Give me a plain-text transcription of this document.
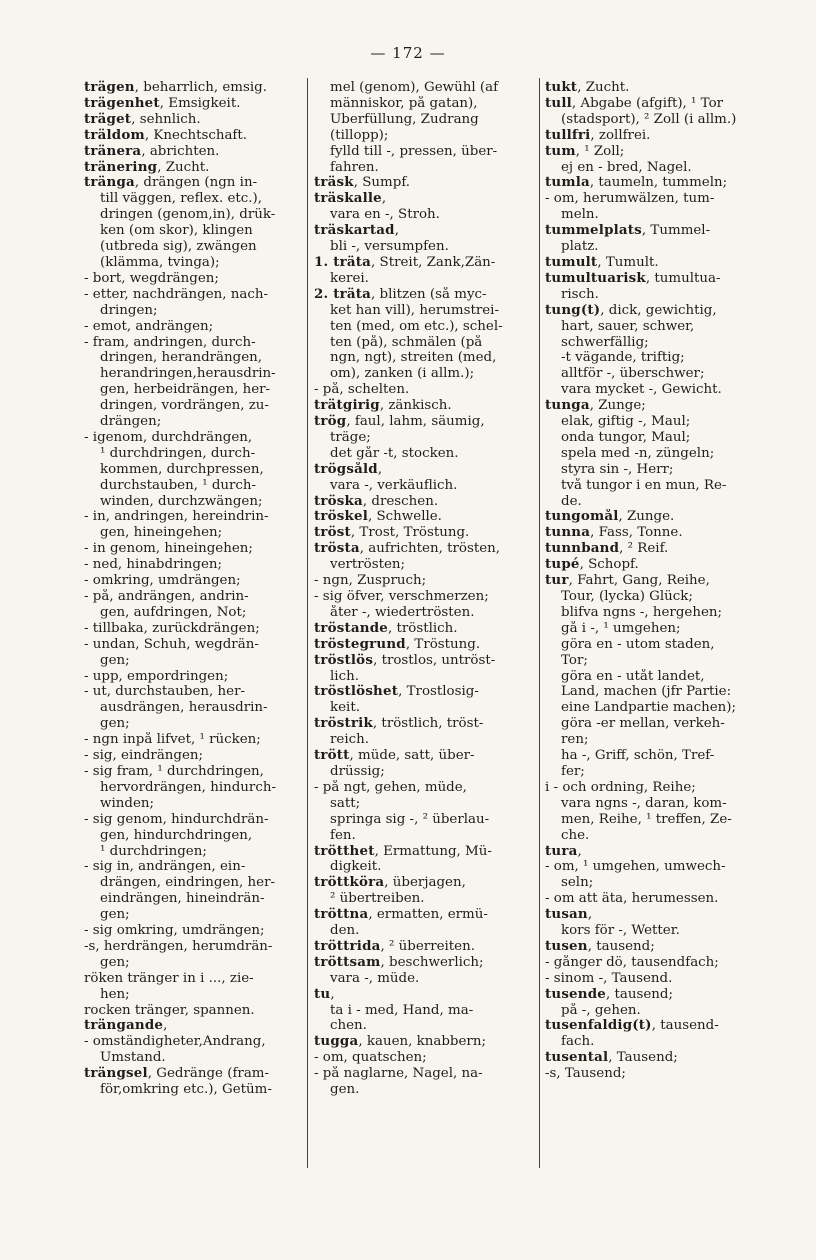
— 172 —
trägen, beharrlich, emsig.
trägenhet, Emsigkeit.
träget, sehnlich.
träldom, Knechtschaft.
tränera, abrichten.
tränering, Zucht.
tränga, drängen (ngn in-
till väggen, reflex. etc.),
dringen (genom,in), drük-
ken (om skor), klingen
(utbreda sig), zwängen
(klämma, tvinga);
- bort, wegdrängen;
- etter, nachdrängen, nach-
dringen;
- emot, andrängen;
- fram, andringen, durch-
dringen, herandrängen,
herandringen,herausdrin-
gen, herbeidrängen, her-
dringen, vordrängen, zu-
drängen;
- igenom, durchdrängen,
¹ durchdringen, durch-
kommen, durchpressen,
durchstauben, ¹ durch-
winden, durchzwängen;
- in, andringen, hereindrin-
gen, hineingehen;
- in genom, hineingehen;
- ned, hinabdringen;
- omkring, umdrängen;
- på, andrängen, andrin-
gen, aufdringen, Not;
- tillbaka, zurückdrängen;
- undan, Schuh, wegdrän-
gen;
- upp, empordringen;
- ut, durchstauben, her-
ausdrängen, herausdrin-
gen;
- ngn inpå lifvet, ¹ rücken;
- sig, eindrängen;
- sig fram, ¹ durchdringen,
hervordrängen, hindurch-
winden;
- sig genom, hindurchdrän-
gen, hindurchdringen,
¹ durchdringen;
- sig in, andrängen, ein-
drängen, eindringen, her-
eindrängen, hineindrän-
gen;
- sig omkring, umdrängen;
-s, herdrängen, herumdrän-
gen;
röken tränger in i ..., zie-
hen;
rocken tränger, spannen.
trängande,
- omständigheter,Andrang,
Umstand.
trängsel, Gedränge (fram-
för,omkring etc.), Getüm-
mel (genom), Gewühl (af
människor, på gatan),
Überfüllung, Zudrang
(tillopp);
fylld till -, pressen, über-
fahren.
träsk, Sumpf.
träskalle,
vara en -, Stroh.
träskartad,
bli -, versumpfen.
1. träta, Streit, Zank,Zän-
kerei.
2. träta, blitzen (så myc-
ket han vill), herumstrei-
ten (med, om etc.), schel-
ten (på), schmälen (på
ngn, ngt), streiten (med,
om), zanken (i allm.);
- på, schelten.
trätgirig, zänkisch.
trög, faul, lahm, säumig,
träge;
det går -t, stocken.
trögsåld,
vara -, verkäuflich.
tröska, dreschen.
tröskel, Schwelle.
tröst, Trost, Tröstung.
trösta, aufrichten, trösten,
vertrösten;
- ngn, Zuspruch;
- sig öfver, verschmerzen;
åter -, wiedertrösten.
tröstande, tröstlich.
tröstegrund, Tröstung.
tröstlös, trostlos, untröst-
lich.
tröstlöshet, Trostlosig-
keit.
tröstrik, tröstlich, tröst-
reich.
trött, müde, satt, über-
drüssig;
- på ngt, gehen, müde,
satt;
springa sig -, ² überlau-
fen.
trötthet, Ermattung, Mü-
digkeit.
tröttköra, überjagen,
² übertreiben.
tröttna, ermatten, ermü-
den.
tröttrida, ² überreiten.
tröttsam, beschwerlich;
vara -, müde.
tu,
ta i - med, Hand, ma-
chen.
tugga, kauen, knabbern;
- om, quatschen;
- på naglarne, Nagel, na-
gen.
tukt, Zucht.
tull, Abgabe (afgift), ¹ Tor
(stadsport), ² Zoll (i allm.)
tullfri, zollfrei.
tum, ¹ Zoll;
ej en - bred, Nagel.
tumla, taumeln, tummeln;
- om, herumwälzen, tum-
meln.
tummelplats, Tummel-
platz.
tumult, Tumult.
tumultuarisk, tumultua-
risch.
tung(t), dick, gewichtig,
hart, sauer, schwer,
schwerfällig;
-t vägande, triftig;
alltför -, überschwer;
vara mycket -, Gewicht.
tunga, Zunge;
elak, giftig -, Maul;
onda tungor, Maul;
spela med -n, züngeln;
styra sin -, Herr;
två tungor i en mun, Re-
de.
tungomål, Zunge.
tunna, Fass, Tonne.
tunnband, ² Reif.
tupé, Schopf.
tur, Fahrt, Gang, Reihe,
Tour, (lycka) Glück;
blifva ngns -, hergehen;
gå i -, ¹ umgehen;
göra en - utom staden,
Tor;
göra en - utåt landet,
Land, machen (jfr Partie:
eine Landpartie machen);
göra -er mellan, verkeh-
ren;
ha -, Griff, schön, Tref-
fer;
i - och ordning, Reihe;
vara ngns -, daran, kom-
men, Reihe, ¹ treffen, Ze-
che.
tura,
- om, ¹ umgehen, umwech-
seln;
- om att äta, herumessen.
tusan,
kors för -, Wetter.
tusen, tausend;
- gånger dö, tausendfach;
- sinom -, Tausend.
tusende, tausend;
på -, gehen.
tusenfaldig(t), tausend-
fach.
tusental, Tausend;
-s, Tausend;
